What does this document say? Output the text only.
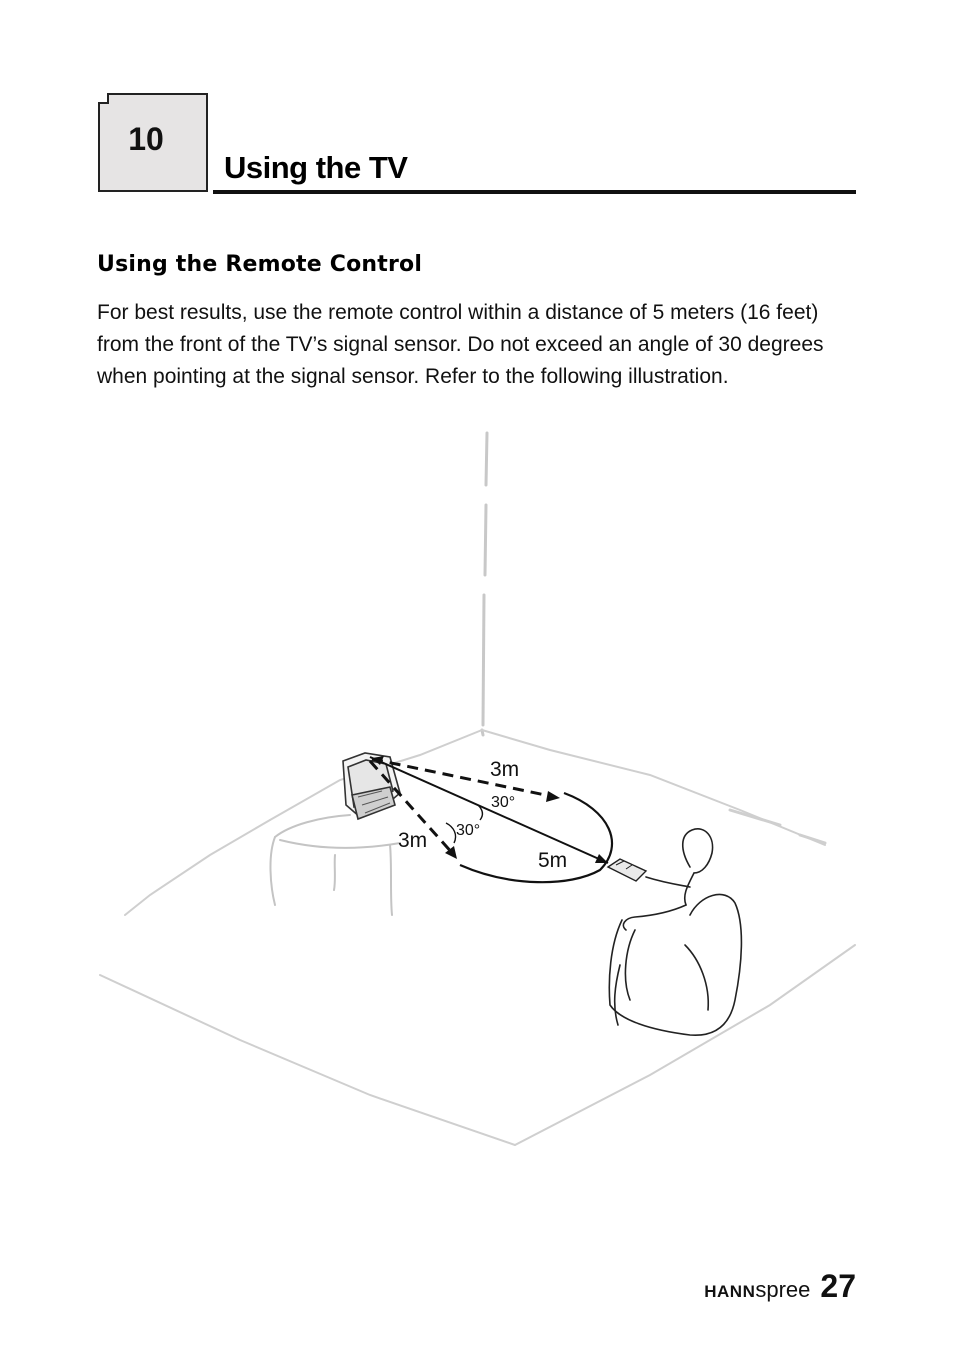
10
Using the TV
Using the Remote Control
For best results, use the remote control within a distance of 5 meters (16 feet) from the front of the TV’s signal sensor. Do not exceed an angle of 30 degrees when pointing at the signal sensor. Refer to the following illustration.
3m
3m
5m
30°
30°
HANNspree 27
